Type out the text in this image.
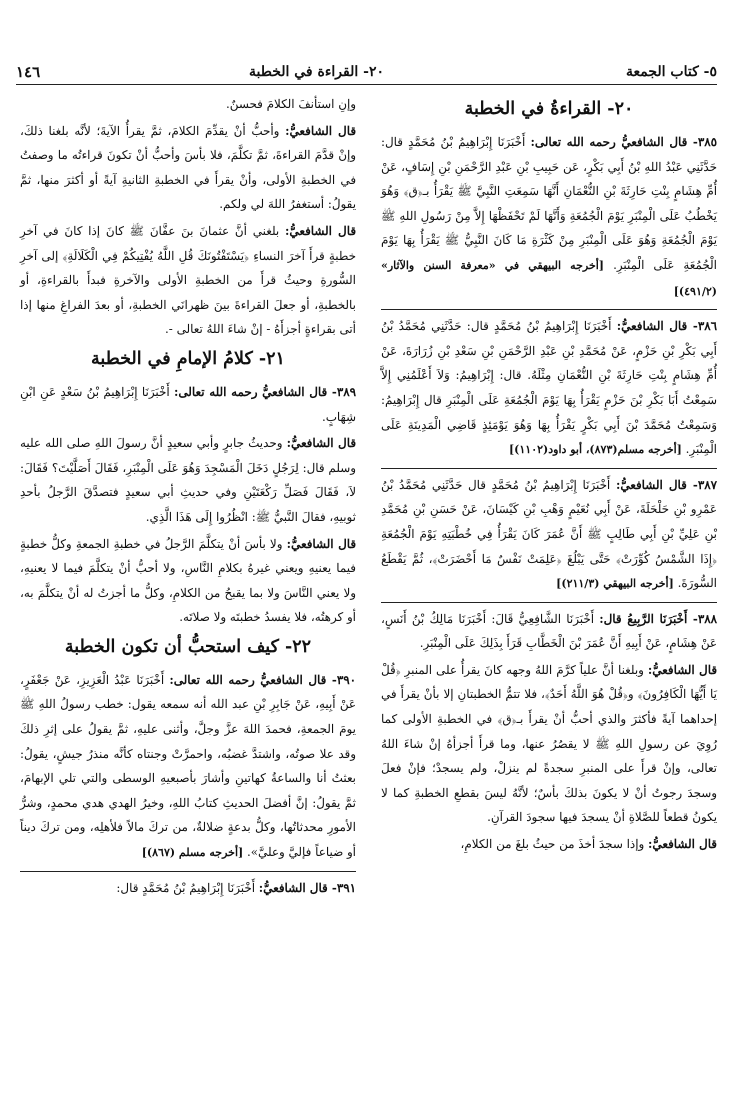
٥- كتاب الجمعة
٢٠- القراءة في الخطبة
١٤٦
٢٠- القراءةُ في الخطبة

٣٨٥- قال الشافعيُّ رحمه الله تعالى: أَخْبَرَنَا إِبْرَاهِيمُ بْنُ مُحَمَّدٍ قال: حَدَّثَنِي عَبْدُ اللهِ بْنُ أَبِي بَكْرٍ، عَن حَبِيبِ بْنِ عَبْدِ الرَّحْمَنِ بْنِ إِسَافٍ، عَنْ أُمِّ هِشَامٍ بِنْتِ حَارِثَةَ بْنِ النُّعْمَانِ أَنَّهَا سَمِعَتِ النَّبِيَّ ﷺ يَقْرَأُ بـ﴿ق﴾ وَهُوَ يَخْطُبُ عَلَى الْمِنْبَرِ يَوْمَ الْجُمُعَةِ وَأَنَّهَا لَمْ تَحْفَظْهَا إِلاَّ مِنْ رَسُولِ اللهِ ﷺ يَوْمَ الْجُمُعَةِ وَهُوَ عَلَى الْمِنْبَرِ مِنْ كَثْرَةِ مَا كَانَ النَّبِيُّ ﷺ يَقْرَأُ بِهَا يَوْمَ الْجُمُعَةِ عَلَى الْمِنْبَرِ. [أخرجه البيهقي في «معرفة السنن والآثار» (٤٩١/٢)]

٣٨٦- قال الشافعيُّ: أَخْبَرَنَا إِبْرَاهِيمُ بْنُ مُحَمَّدٍ قال: حَدَّثَنِي مُحَمَّدُ بْنُ أَبِي بَكْرِ بْنِ حَزْمٍ، عَنْ مُحَمَّدِ بْنِ عَبْدِ الرَّحْمَنِ بْنِ سَعْدِ بْنِ زُرَارَةَ، عَنْ أُمِّ هِشَامٍ بِنْتِ حَارِثَةَ بْنِ النُّعْمَانِ مِثْلَهُ. قال: إِبْرَاهِيمُ: وَلاَ أَعْلَمُنِي إِلاَّ سَمِعْتُ أَبَا بَكْرِ بْنَ حَزْمٍ يَقْرَأُ بِهَا يَوْمَ الْجُمُعَةِ عَلَى الْمِنْبَرِ قال إِبْرَاهِيمُ: وَسَمِعْتُ مُحَمَّدَ بْنَ أَبِي بَكْرٍ يَقْرَأُ بِهَا وَهُوَ يَوْمَئِذٍ قَاضِي الْمَدِينَةِ عَلَى الْمِنْبَرِ. [أخرجه مسلم(٨٧٣)، أبو داود(١١٠٢)]

٣٨٧- قال الشافعيُّ: أَخْبَرَنَا إِبْرَاهِيمُ بْنُ مُحَمَّدٍ قال حَدَّثَنِي مُحَمَّدُ بْنُ عَمْرِو بْنِ حَلْحَلَةَ، عَنْ أَبِي نُعَيْمٍ وَهْبِ بْنِ كَيْسَانَ، عَنْ حَسَنِ بْنِ مُحَمَّدِ بْنِ عَلِيِّ بْنِ أَبِي طَالِبٍ ﷺ أَنَّ عُمَرَ كَانَ يَقْرَأُ فِي خُطْبَتِهِ يَوْمَ الْجُمُعَةِ ﴿إِذَا الشَّمْسُ كُوِّرَتْ﴾ حَتَّى يَبْلُغَ ﴿عَلِمَتْ نَفْسٌ مَا أَحْضَرَتْ﴾، ثُمَّ يَقْطَعُ السُّورَةَ. [أخرجه البيهقي (٢١١/٣)]

٣٨٨- أَخْبَرَنَا الرَّبِيعُ قال: أَخْبَرَنَا الشَّافِعِيُّ قَالَ: أَخْبَرَنَا مَالِكُ بْنُ أَنَسٍ، عَنْ هِشَامٍ، عَنْ أَبِيهِ أَنَّ عُمَرَ بْنَ الْخَطَّابِ قَرَأَ بِذَلِكَ عَلَى الْمِنْبَرِ.

قال الشافعيُّ: وبلغنا أنَّ علياً كرَّمَ اللهُ وجهه كانَ يقرأُ على المنبرِ ﴿قُلْ يَا أَيُّهَا الْكَافِرُونَ﴾ و﴿قُلْ هُوَ اللَّهُ أَحَدٌ﴾، فلا تتمُّ الخطبتانِ إلا بأنْ يقرأَ في إحداهما آيةً فأكثرَ والذي أحبُّ أنْ يقرأَ بـ﴿ق﴾ في الخطبةِ الأولى كما رُوِيَ عن رسولِ اللهِ ﷺ لا يقصُرُ عنها، وما قرأَ أجزأهُ إنْ شاءَ اللهُ تعالى، وإنْ قرأَ على المنبرِ سجدةً لم ينزلْ، ولم يسجدْ؛ فإنْ فعلَ وسجدَ رجوتُ أنْ لا يكونَ بذلكَ بأسٌ؛ لأنَّهُ ليسَ بقطعِ الخطبةِ كما لا يكونُ قطعاً للصَّلاةِ أنْ يسجدَ فيها سجودَ القرآنِ.

قال الشافعيُّ: وإذا سجدَ أخذَ من حيثُ بلغَ من الكلامِ،

وإنِ استأنفَ الكلامَ فحسنٌ.

قال الشافعيُّ: وأحبُّ أنْ يقدِّمَ الكلامَ، ثمَّ يقرأُ الآيةَ؛ لأنَّه بلغنا ذلكَ، وإنْ قدَّمَ القراءةَ، ثمَّ تكلَّمَ، فلا بأسَ وأحبُّ أنْ تكونَ قراءتُه ما وصفتُ في الخطبةِ الأولى، وأنْ يقرأَ في الخطبةِ الثانيةِ آيةً أو أكثرَ منها، ثمَّ يقولُ: أستغفرُ اللهَ لي ولكم.

قال الشافعيُّ: بلغني أنَّ عثمانَ بنَ عفَّانَ ﷺ كانَ إذا كانَ في آخرِ خطبةٍ قرأَ آخرَ النساءِ ﴿يَسْتَفْتُونَكَ قُلِ اللَّهُ يُفْتِيكُمْ فِي الْكَلَالَةِ﴾ إلى آخرِ السُّورةِ وحيثُ قرأَ من الخطبةِ الأولى والآخرةِ فبدأَ بالقراءةِ، أو بالخطبةِ، أو جعلَ القراءةَ بينَ ظهرانَي الخطبةِ، أو بعدَ الفراغِ منها إذا أتى بقراءةٍ أجزأَهُ - إنْ شاءَ اللهُ تعالى -.

٢١- كلامُ الإمامِ في الخطبة

٣٨٩- قال الشافعيُّ رحمه الله تعالى: أَخْبَرَنَا إِبْرَاهِيمُ بْنُ سَعْدٍ عَنِ ابْنِ شِهَابٍ.

قال الشافعيُّ: وحديثُ جابرٍ وأبي سعيدٍ أنَّ رسولَ اللهِ صلى الله عليه وسلم قال: لِرَجُلٍ دَخَلَ الْمَسْجِدَ وَهُوَ عَلَى الْمِنْبَرِ، فَقَالَ أَصَلَّيْتَ؟ فَقَالَ: لاَ، فَقَالَ فَصَلِّ رَكْعَتَيْنِ وفي حديثِ أبي سعيدٍ فتصدَّقَ الرَّجلُ بأحدِ ثوبيهِ، فقالَ النَّبيُّ ﷺ: انْظُرُوا إِلَى هَذَا الَّذِي.

قال الشافعيُّ: ولا بأسَ أنْ يتكلَّمَ الرَّجلُ في خطبةِ الجمعةِ وكلُّ خطبةٍ فيما يعنيهِ ويعني غيرهُ بكلامِ النَّاسِ، ولا أحبُّ أنْ يتكلَّمَ فيما لا يعنيهِ، ولا يعني النَّاسَ ولا بما يقبحُ من الكلامِ، وكلُّ ما أجزتُ له أنْ يتكلَّمَ به، أو كرهتُه، فلا يفسدُ خطبتَه ولا صلاتَه.

٢٢- كيف استحبُّ أن تكون الخطبة

٣٩٠- قال الشافعيُّ رحمه الله تعالى: أَخْبَرَنَا عَبْدُ الْعَزِيزِ، عَنْ جَعْفَرٍ، عَنْ أَبِيهِ، عَنْ جَابِرِ بْنِ عبد الله أنه سمعه يقول: خطب رسولُ اللهِ ﷺ يومَ الجمعةِ، فحمدَ اللهَ عزَّ وجلَّ، وأثنى عليهِ، ثمَّ يقولُ على إثرِ ذلكَ وقد علا صوتُه، واشتدَّ غضبُه، واحمرَّتْ وجنتاه كأنَّه منذرُ جيشٍ، يقولُ: بعثتُ أنا والساعةُ كهاتينِ وأشارَ بأصبعيهِ الوسطى والتي تلي الإبهامَ، ثمَّ يقولُ: إنَّ أفضلَ الحديثِ كتابُ اللهِ، وخيرُ الهدي هدي محمدٍ، وشرُّ الأمورِ محدثاتُها، وكلُّ بدعةٍ ضلالةٌ، من تركَ مالاً فلأهلِه، ومن تركَ ديناً أو ضياعاً فإليَّ وعليَّ». [أخرجه مسلم (٨٦٧)]

٣٩١- قال الشافعيُّ: أَخْبَرَنَا إِبْرَاهِيمُ بْنُ مُحَمَّدٍ قال:
